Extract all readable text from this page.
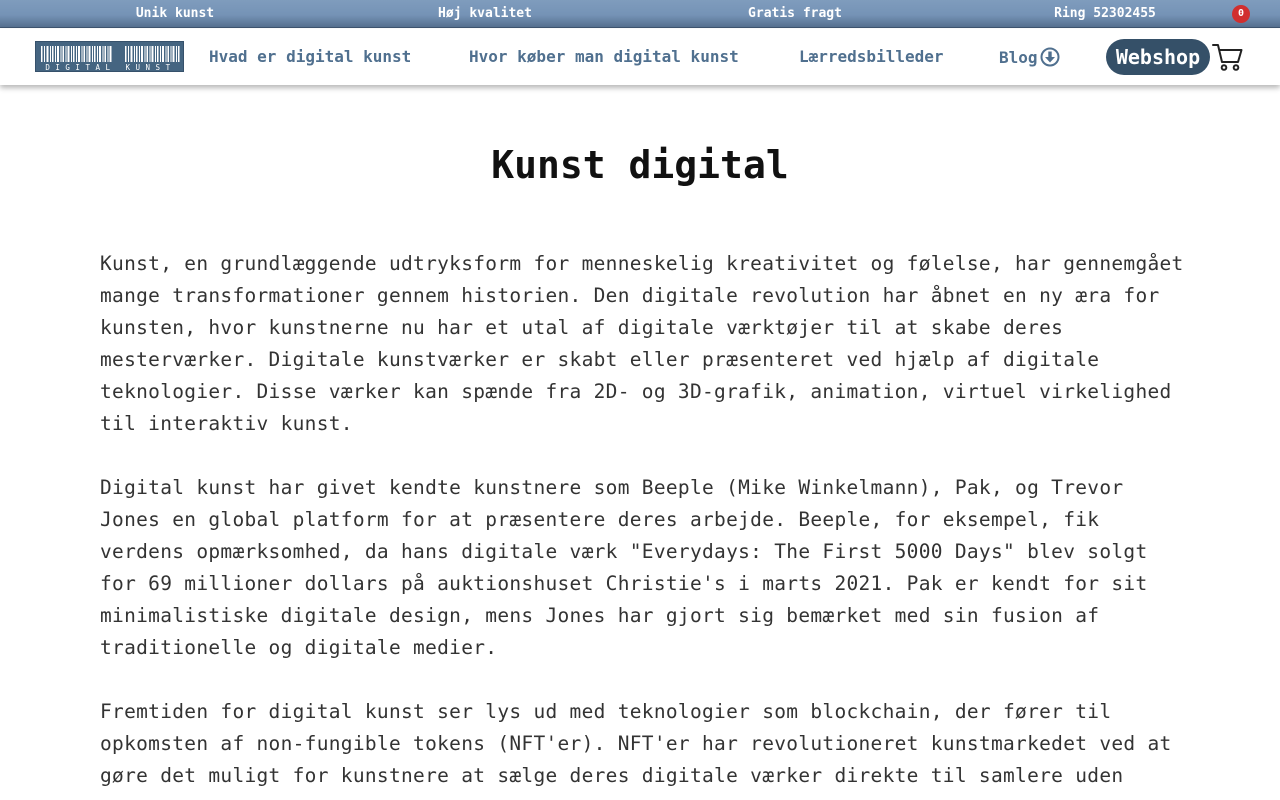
Unik kunst	Høj kvalitet	Gratis fragt	Ring 52302455
DIGITAL KUNST
Hvad er digital kunst	Hvor køber man digital kunst	Lærredsbilleder	Blog	Webshop
0
Kunst digital

Kunst, en grundlæggende udtryksform for menneskelig kreativitet og følelse, har gennemgået mange transformationer gennem historien. Den digitale revolution har åbnet en ny æra for kunsten, hvor kunstnerne nu har et utal af digitale værktøjer til at skabe deres mesterværker. Digitale kunstværker er skabt eller præsenteret ved hjælp af digitale teknologier. Disse værker kan spænde fra 2D- og 3D-grafik, animation, virtuel virkelighed til interaktiv kunst.

Digital kunst har givet kendte kunstnere som Beeple (Mike Winkelmann), Pak, og Trevor Jones en global platform for at præsentere deres arbejde. Beeple, for eksempel, fik verdens opmærksomhed, da hans digitale værk "Everydays: The First 5000 Days" blev solgt for 69 millioner dollars på auktionshuset Christie's i marts 2021. Pak er kendt for sit minimalistiske digitale design, mens Jones har gjort sig bemærket med sin fusion af traditionelle og digitale medier.

Fremtiden for digital kunst ser lys ud med teknologier som blockchain, der fører til opkomsten af non-fungible tokens (NFT'er). NFT'er har revolutioneret kunstmarkedet ved at gøre det muligt for kunstnere at sælge deres digitale værker direkte til samlere uden
